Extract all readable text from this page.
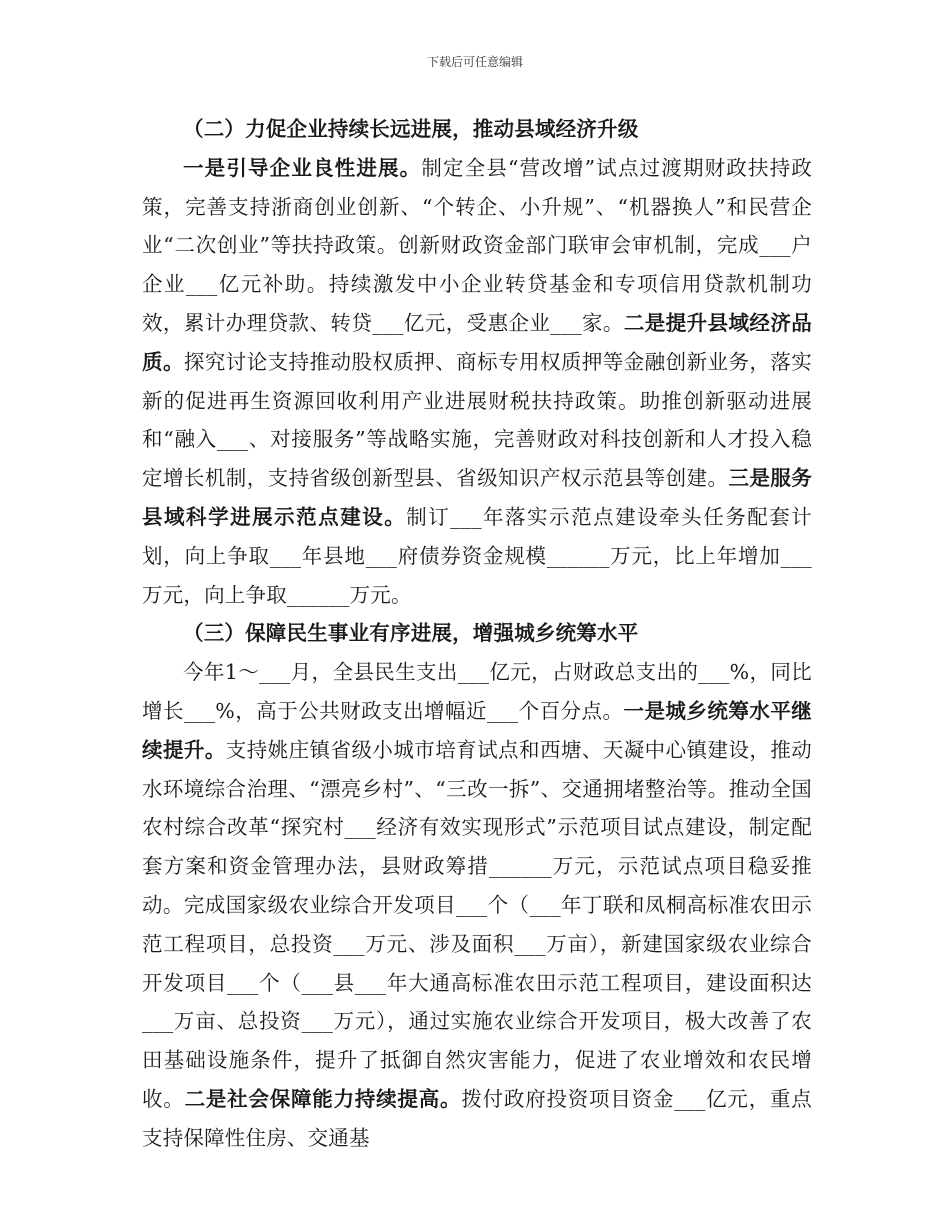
下载后可任意编辑

（二）力促企业持续长远进展，推动县域经济升级

一是引导企业良性进展。制定全县“营改增”试点过渡期财政扶持政策，完善支持浙商创业创新、“个转企、小升规”、“机器换人”和民营企业“二次创业”等扶持政策。创新财政资金部门联审会审机制，完成___户企业___亿元补助。持续激发中小企业转贷基金和专项信用贷款机制功效，累计办理贷款、转贷___亿元，受惠企业___家。二是提升县域经济品质。探究讨论支持推动股权质押、商标专用权质押等金融创新业务，落实新的促进再生资源回收利用产业进展财税扶持政策。助推创新驱动进展和“融入___、对接服务”等战略实施，完善财政对科技创新和人才投入稳定增长机制，支持省级创新型县、省级知识产权示范县等创建。三是服务县域科学进展示范点建设。制订___年落实示范点建设牵头任务配套计划，向上争取___年县地___府债券资金规模______万元，比上年增加___万元，向上争取______万元。

（三）保障民生事业有序进展，增强城乡统筹水平

今年1～___月，全县民生支出___亿元，占财政总支出的___%，同比增长___%，高于公共财政支出增幅近___个百分点。一是城乡统筹水平继续提升。支持姚庄镇省级小城市培育试点和西塘、天凝中心镇建设，推动水环境综合治理、“漂亮乡村”、“三改一拆”、交通拥堵整治等。推动全国农村综合改革“探究村___经济有效实现形式”示范项目试点建设，制定配套方案和资金管理办法，县财政筹措______万元，示范试点项目稳妥推动。完成国家级农业综合开发项目___个（___年丁联和凤桐高标准农田示范工程项目，总投资___万元、涉及面积___万亩），新建国家级农业综合开发项目___个（___县___年大通高标准农田示范工程项目，建设面积达___万亩、总投资___万元），通过实施农业综合开发项目，极大改善了农田基础设施条件，提升了抵御自然灾害能力，促进了农业增效和农民增收。二是社会保障能力持续提高。拨付政府投资项目资金___亿元，重点支持保障性住房、交通基
